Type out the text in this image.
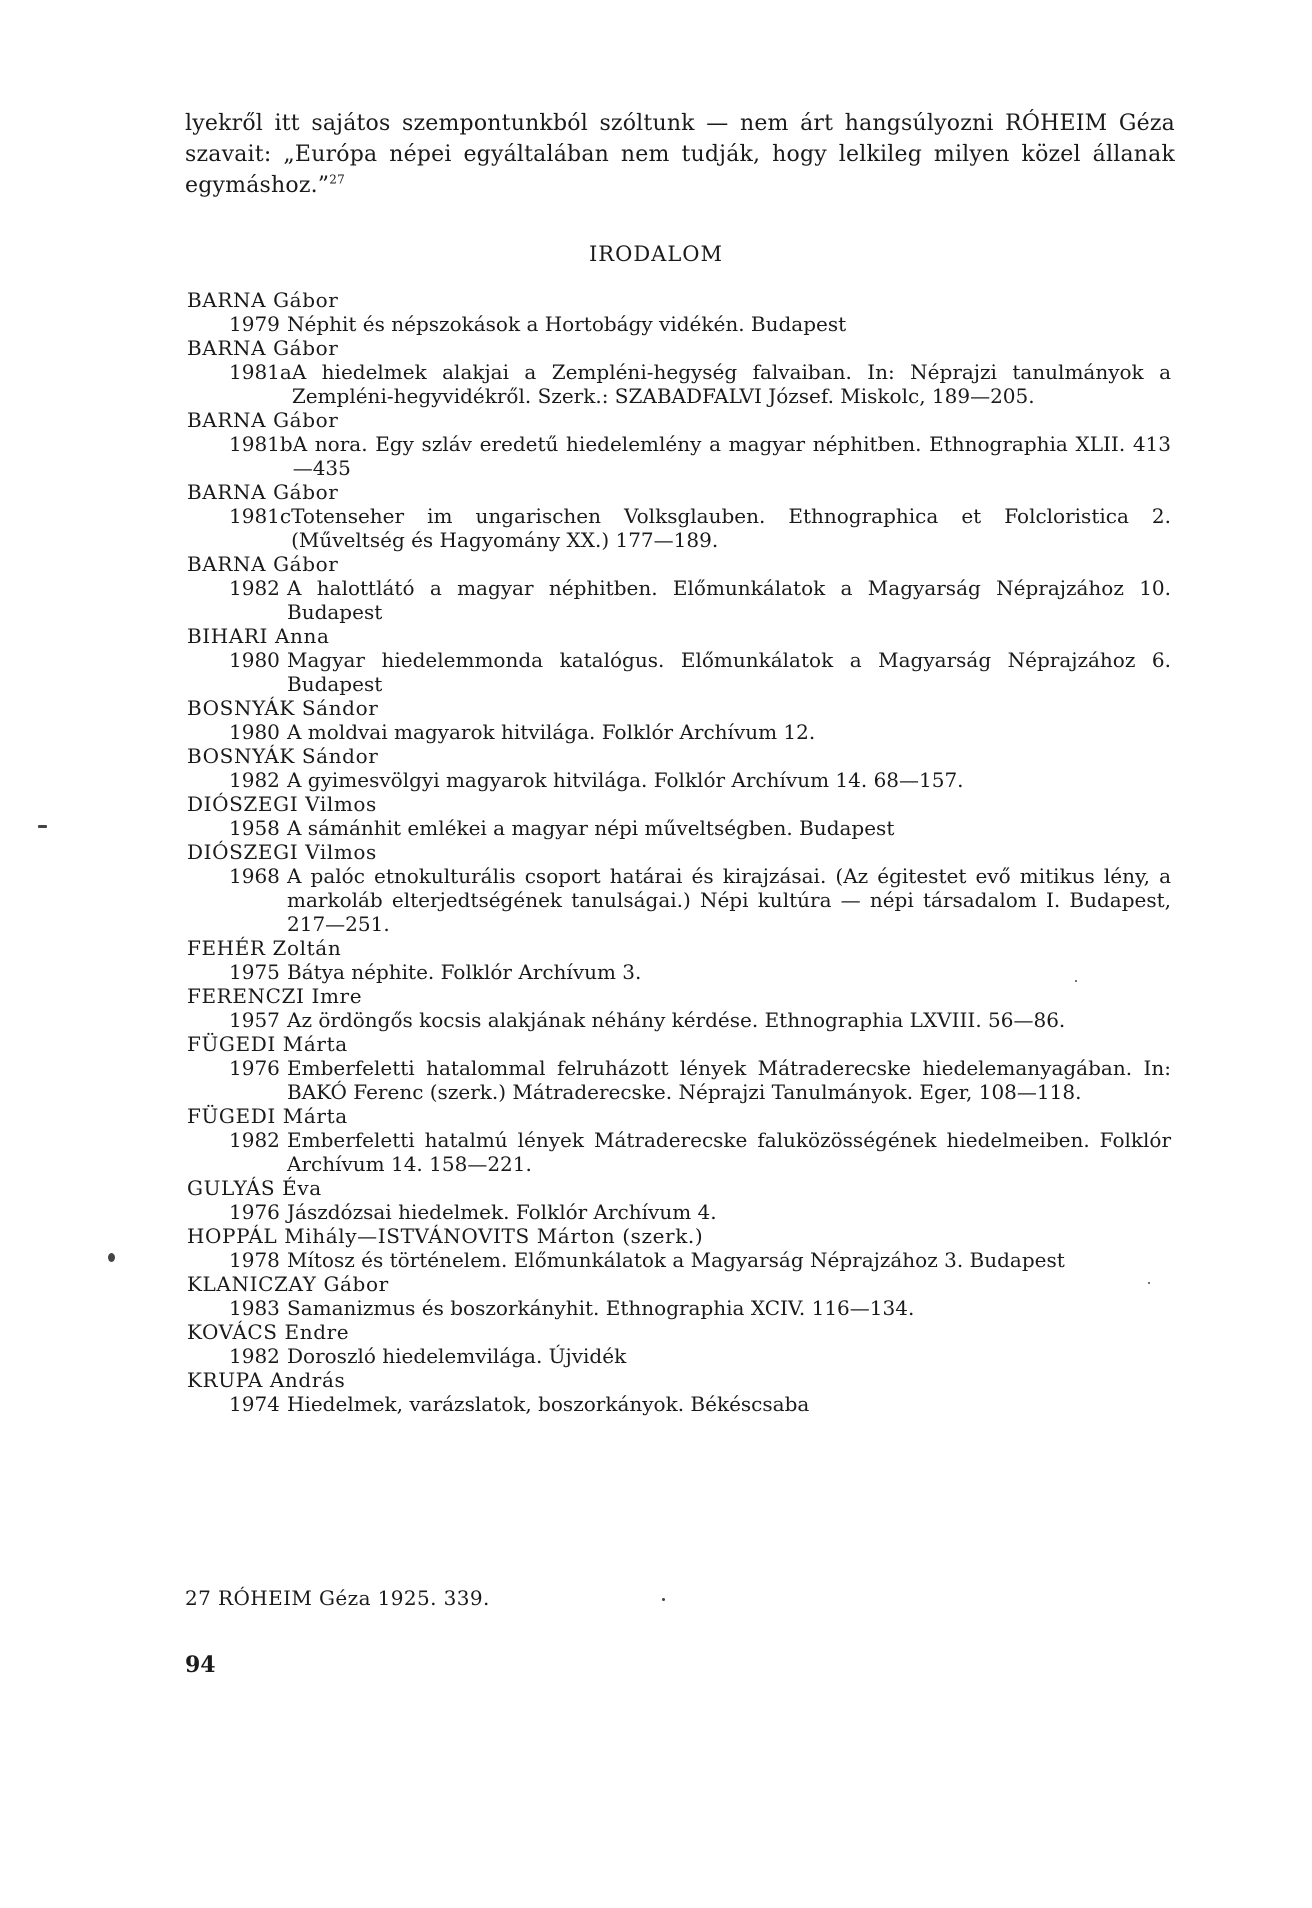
lyekről itt sajátos szempontunkból szóltunk — nem árt hangsúlyozni RÓHEIM Géza szavait: „Európa népei egyáltalában nem tudják, hogy lelkileg milyen közel állanak egymáshoz.”$^{27}$
IRODALOM
BARNA Gábor
1979 Néphit és népszokások a Hortobágy vidékén. Budapest
BARNA Gábor
1981a A hiedelmek alakjai a Zempléni-hegység falvaiban. In: Néprajzi tanulmányok a Zempléni-hegyvidékről. Szerk.: SZABADFALVI József. Miskolc, 189—205.
BARNA Gábor
1981b A nora. Egy szláv eredetű hiedelemlény a magyar néphitben. Ethnographia XLII. 413—435
BARNA Gábor
1981c Totenseher im ungarischen Volksglauben. Ethnographica et Folcloristica 2. (Műveltség és Hagyomány XX.) 177—189.
BARNA Gábor
1982 A halottlátó a magyar néphitben. Előmunkálatok a Magyarság Néprajzához 10. Budapest
BIHARI Anna
1980 Magyar hiedelemmonda katalógus. Előmunkálatok a Magyarság Néprajzához 6. Budapest
BOSNYÁK Sándor
1980 A moldvai magyarok hitvilága. Folklór Archívum 12.
BOSNYÁK Sándor
1982 A gyimesvölgyi magyarok hitvilága. Folklór Archívum 14. 68—157.
DIÓSZEGI Vilmos
1958 A sámánhit emlékei a magyar népi műveltségben. Budapest
DIÓSZEGI Vilmos
1968 A palóc etnokulturális csoport határai és kirajzásai. (Az égitestet evő mitikus lény, a markoláb elterjedtségének tanulságai.) Népi kultúra — népi társadalom I. Budapest, 217—251.
FEHÉR Zoltán
1975 Bátya néphite. Folklór Archívum 3.
FERENCZI Imre
1957 Az ördöngős kocsis alakjának néhány kérdése. Ethnographia LXVIII. 56—86.
FÜGEDI Márta
1976 Emberfeletti hatalommal felruházott lények Mátraderecske hiedelemanyagában. In: BAKÓ Ferenc (szerk.) Mátraderecske. Néprajzi Tanulmányok. Eger, 108—118.
FÜGEDI Márta
1982 Emberfeletti hatalmú lények Mátraderecske faluközösségének hiedelmeiben. Folklór Archívum 14. 158—221.
GULYÁS Éva
1976 Jászdózsai hiedelmek. Folklór Archívum 4.
HOPPÁL Mihály—ISTVÁNOVITS Márton (szerk.)
1978 Mítosz és történelem. Előmunkálatok a Magyarság Néprajzához 3. Budapest
KLANICZAY Gábor
1983 Samanizmus és boszorkányhit. Ethnographia XCIV. 116—134.
KOVÁCS Endre
1982 Doroszló hiedelemvilága. Újvidék
KRUPA András
1974 Hiedelmek, varázslatok, boszorkányok. Békéscsaba
27 RÓHEIM Géza 1925. 339.
94
